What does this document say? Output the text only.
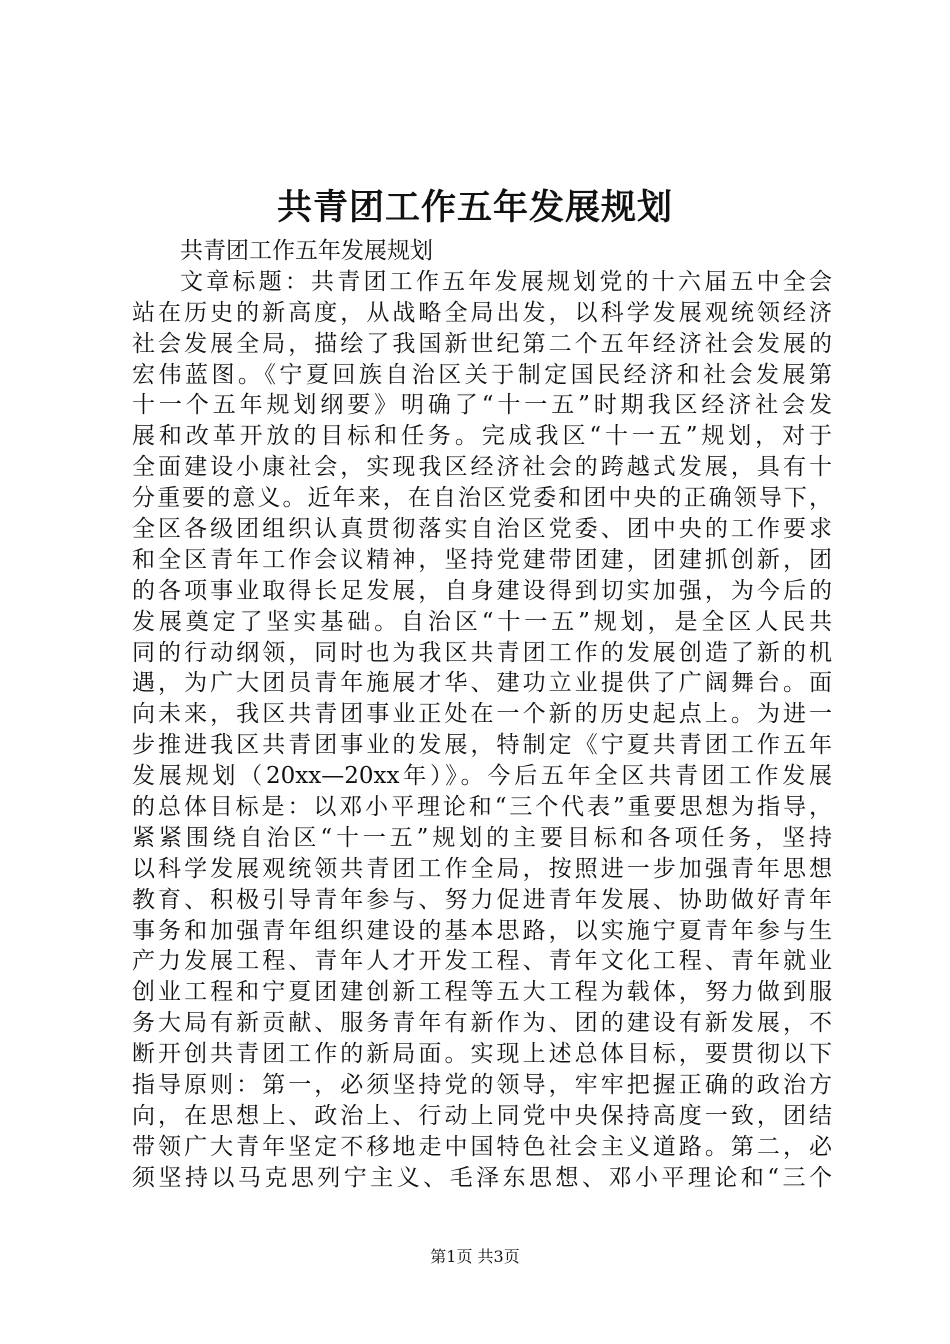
共青团工作五年发展规划
共青团工作五年发展规划
文章标题：共青团工作五年发展规划党的十六届五中全会
站在历史的新高度，从战略全局出发，以科学发展观统领经济
社会发展全局，描绘了我国新世纪第二个五年经济社会发展的
宏伟蓝图。《宁夏回族自治区关于制定国民经济和社会发展第
十一个五年规划纲要》明确了“十一五”时期我区经济社会发
展和改革开放的目标和任务。完成我区“十一五”规划，对于
全面建设小康社会，实现我区经济社会的跨越式发展，具有十
分重要的意义。近年来，在自治区党委和团中央的正确领导下，
全区各级团组织认真贯彻落实自治区党委、团中央的工作要求
和全区青年工作会议精神，坚持党建带团建，团建抓创新，团
的各项事业取得长足发展，自身建设得到切实加强，为今后的
发展奠定了坚实基础。自治区“十一五”规划，是全区人民共
同的行动纲领，同时也为我区共青团工作的发展创造了新的机
遇，为广大团员青年施展才华、建功立业提供了广阔舞台。面
向未来，我区共青团事业正处在一个新的历史起点上。为进一
步推进我区共青团事业的发展，特制定《宁夏共青团工作五年
发展规划（20xx—20xx年）》。今后五年全区共青团工作发展
的总体目标是：以邓小平理论和“三个代表”重要思想为指导，
紧紧围绕自治区“十一五”规划的主要目标和各项任务，坚持
以科学发展观统领共青团工作全局，按照进一步加强青年思想
教育、积极引导青年参与、努力促进青年发展、协助做好青年
事务和加强青年组织建设的基本思路，以实施宁夏青年参与生
产力发展工程、青年人才开发工程、青年文化工程、青年就业
创业工程和宁夏团建创新工程等五大工程为载体，努力做到服
务大局有新贡献、服务青年有新作为、团的建设有新发展，不
断开创共青团工作的新局面。实现上述总体目标，要贯彻以下
指导原则：第一，必须坚持党的领导，牢牢把握正确的政治方
向，在思想上、政治上、行动上同党中央保持高度一致，团结
带领广大青年坚定不移地走中国特色社会主义道路。第二，必
须坚持以马克思列宁主义、毛泽东思想、邓小平理论和“三个
第1页 共3页
